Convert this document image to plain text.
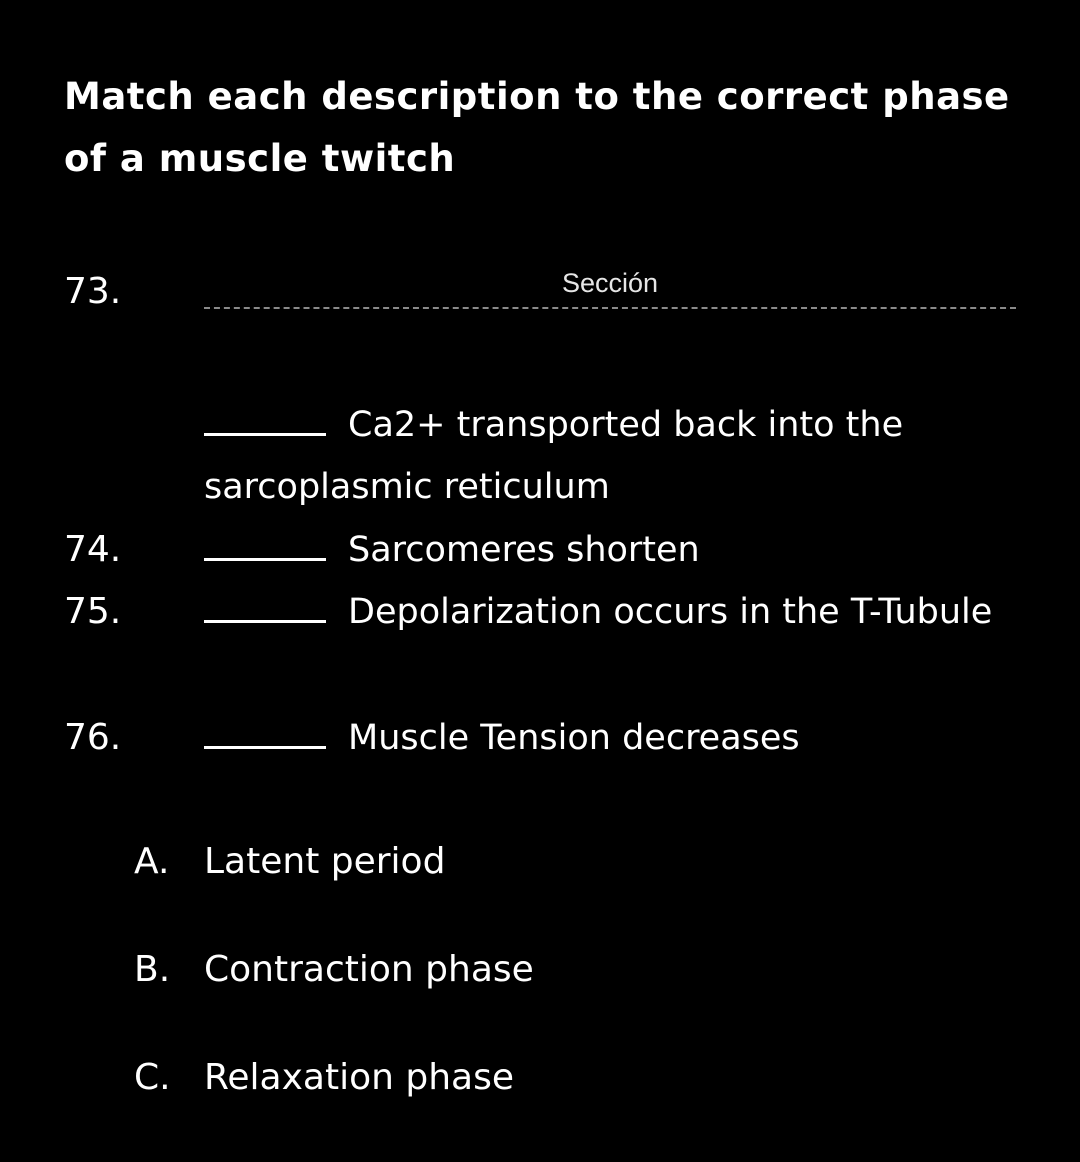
Match each description to the correct phase of a muscle twitch
73.	Sección
Ca2+ transported back into the sarcoplasmic reticulum
74.	Sarcomeres shorten
75.	Depolarization occurs in the T-Tubule
76.	Muscle Tension decreases
A. Latent period
B. Contraction phase
C. Relaxation phase
